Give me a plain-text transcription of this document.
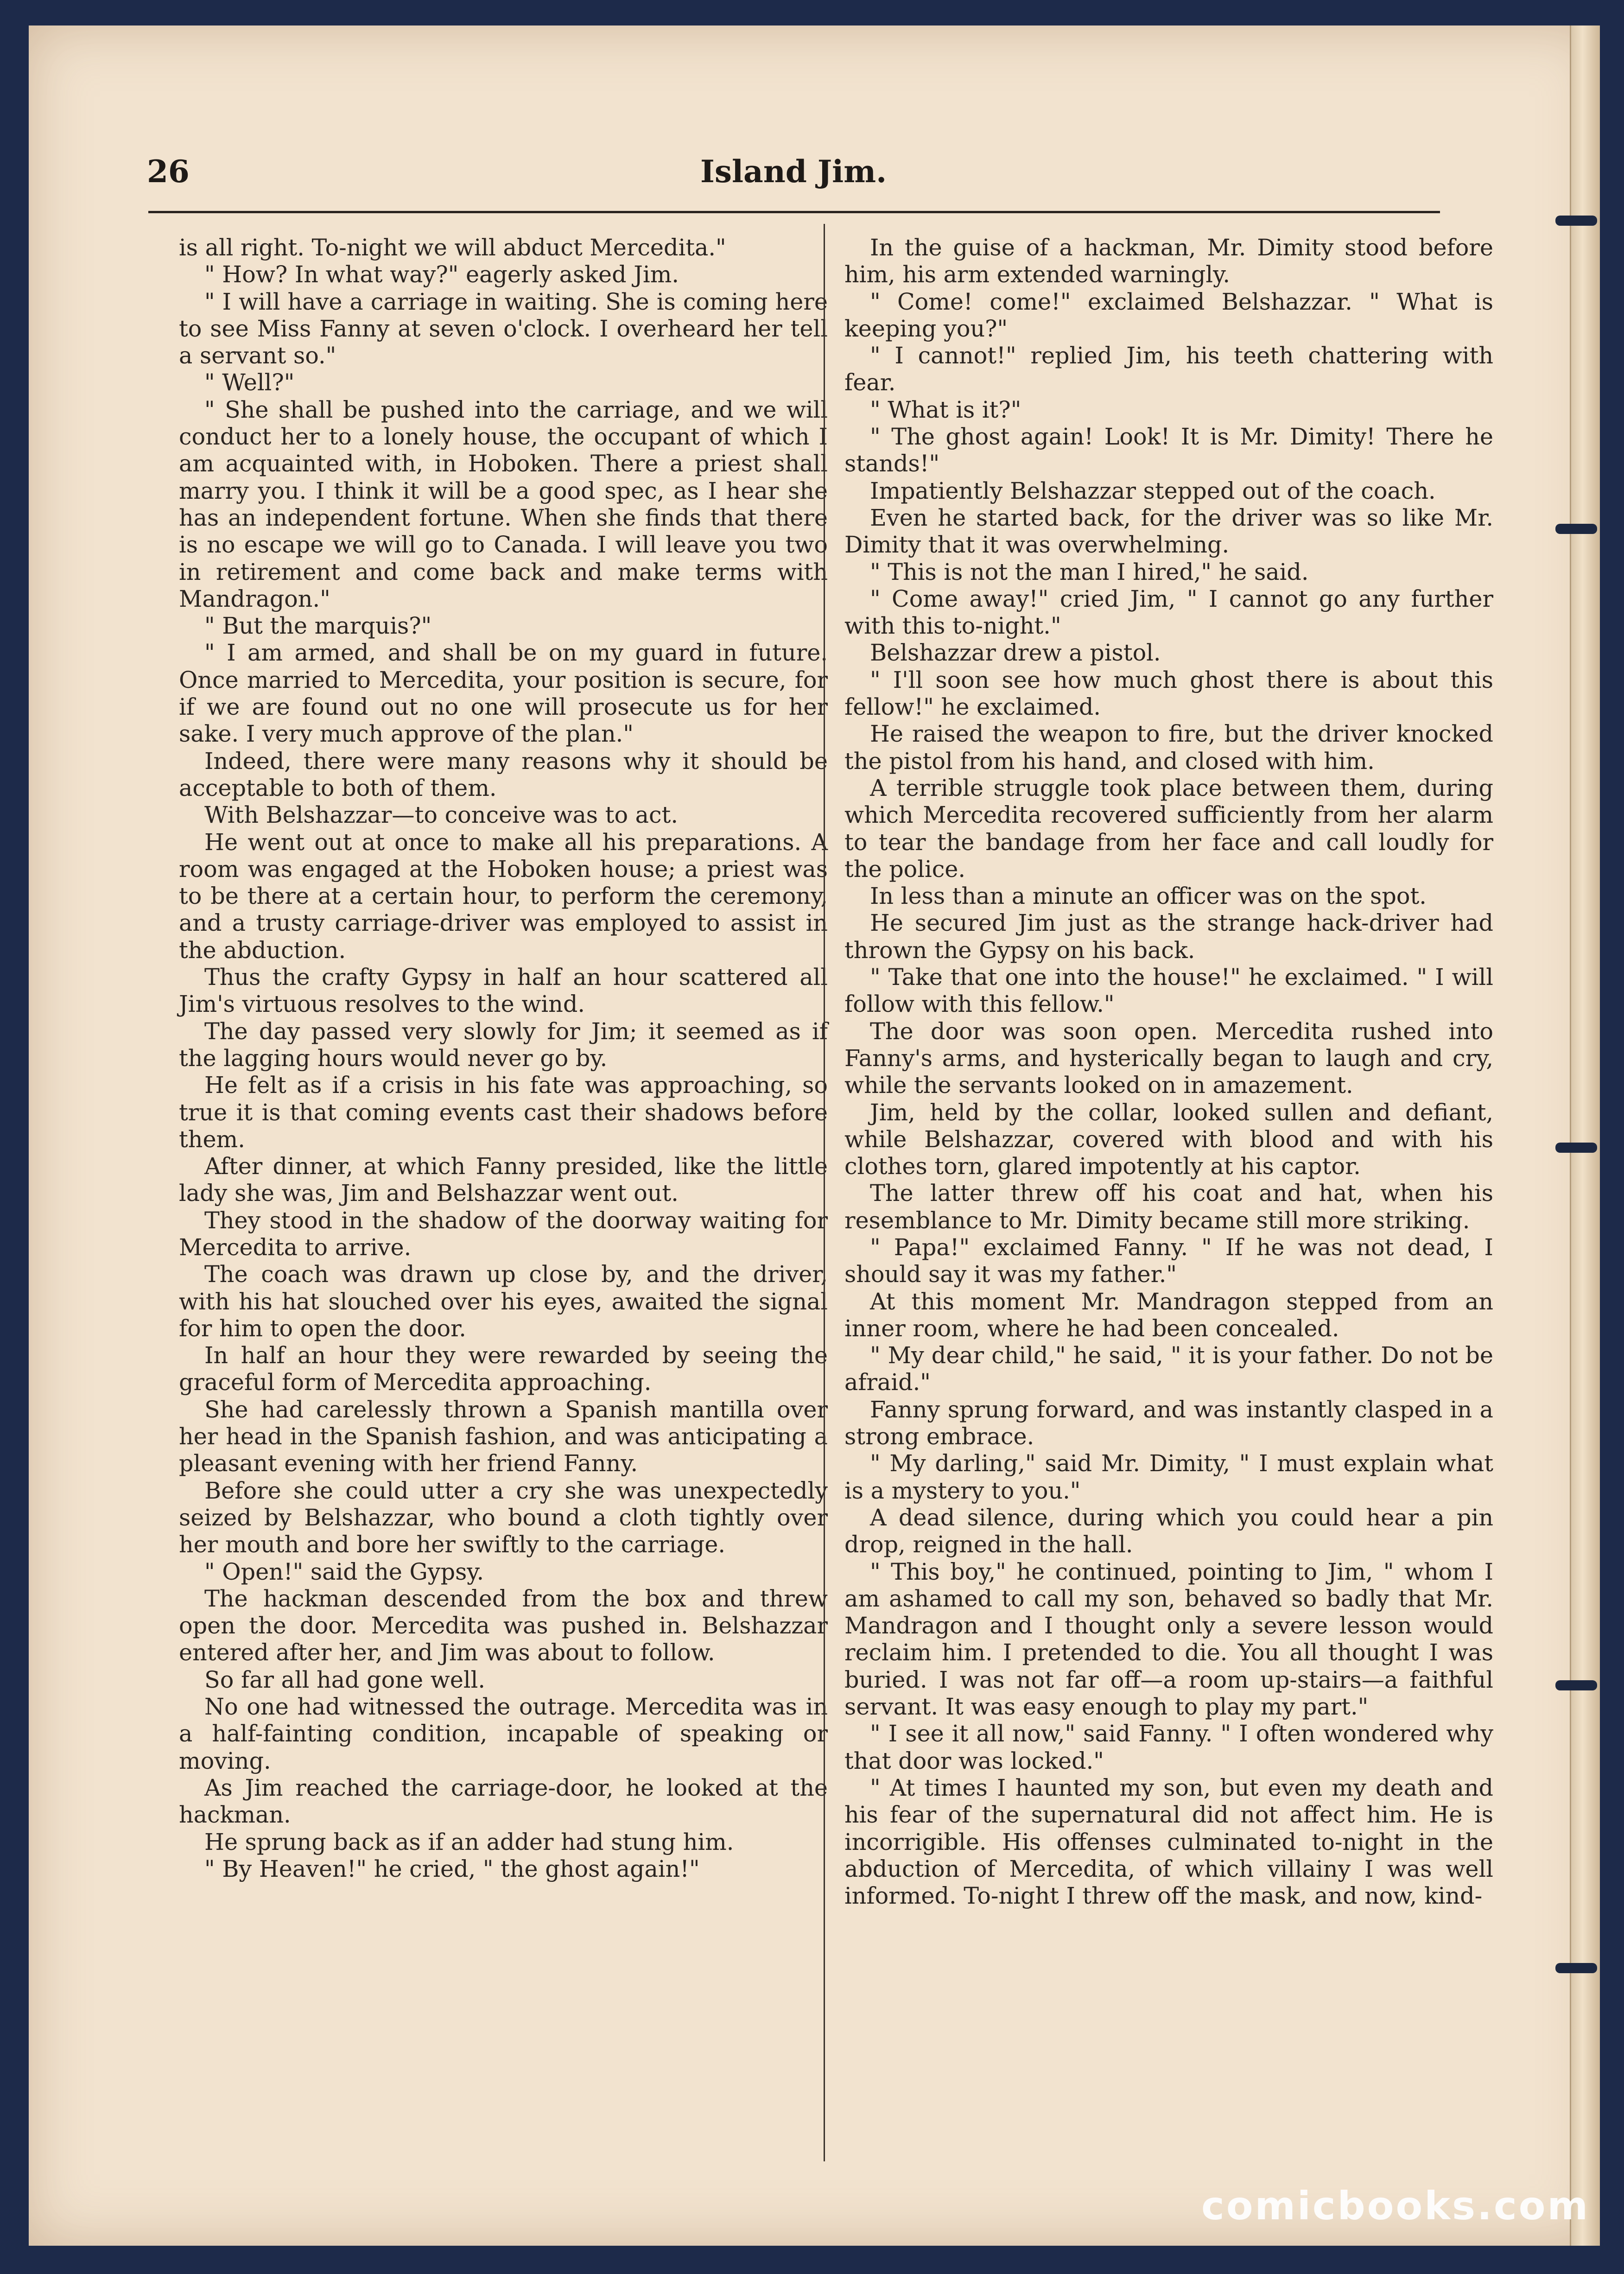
Island Jim.
26

is all right. To-night we will abduct Mercedita."

" How? In what way?" eagerly asked Jim.

" I will have a carriage in waiting. She is coming here to see Miss Fanny at seven o'clock. I overheard her tell a servant so."

" Well?"

" She shall be pushed into the carriage, and we will conduct her to a lonely house, the occupant of which I am acquainted with, in Hoboken. There a priest shall marry you. I think it will be a good spec, as I hear she has an independent fortune. When she finds that there is no escape we will go to Canada. I will leave you two in retirement and come back and make terms with Mandragon."

" But the marquis?"

" I am armed, and shall be on my guard in future. Once married to Mercedita, your position is secure, for if we are found out no one will prosecute us for her sake. I very much approve of the plan."

Indeed, there were many reasons why it should be acceptable to both of them.

With Belshazzar—to conceive was to act.

He went out at once to make all his preparations. A room was engaged at the Hoboken house; a priest was to be there at a certain hour, to perform the ceremony, and a trusty carriage-driver was employed to assist in the abduction.

Thus the crafty Gypsy in half an hour scattered all Jim's virtuous resolves to the wind.

The day passed very slowly for Jim; it seemed as if the lagging hours would never go by.

He felt as if a crisis in his fate was approaching, so true it is that coming events cast their shadows before them.

After dinner, at which Fanny presided, like the little lady she was, Jim and Belshazzar went out.

They stood in the shadow of the doorway waiting for Mercedita to arrive.

The coach was drawn up close by, and the driver, with his hat slouched over his eyes, awaited the signal for him to open the door.

In half an hour they were rewarded by seeing the graceful form of Mercedita approaching.

She had carelessly thrown a Spanish mantilla over her head in the Spanish fashion, and was anticipating a pleasant evening with her friend Fanny.

Before she could utter a cry she was unexpectedly seized by Belshazzar, who bound a cloth tightly over her mouth and bore her swiftly to the carriage.

" Open!" said the Gypsy.

The hackman descended from the box and threw open the door. Mercedita was pushed in. Belshazzar entered after her, and Jim was about to follow.

So far all had gone well.

No one had witnessed the outrage. Mercedita was in a half-fainting condition, incapable of speaking or moving.

As Jim reached the carriage-door, he looked at the hackman.

He sprung back as if an adder had stung him.

" By Heaven!" he cried, " the ghost again!"

In the guise of a hackman, Mr. Dimity stood before him, his arm extended warningly.

" Come! come!" exclaimed Belshazzar. " What is keeping you?"

" I cannot!" replied Jim, his teeth chattering with fear.

" What is it?"

" The ghost again! Look! It is Mr. Dimity! There he stands!"

Impatiently Belshazzar stepped out of the coach.

Even he started back, for the driver was so like Mr. Dimity that it was overwhelming.

" This is not the man I hired," he said.

" Come away!" cried Jim, " I cannot go any further with this to-night."

Belshazzar drew a pistol.

" I'll soon see how much ghost there is about this fellow!" he exclaimed.

He raised the weapon to fire, but the driver knocked the pistol from his hand, and closed with him.

A terrible struggle took place between them, during which Mercedita recovered sufficiently from her alarm to tear the bandage from her face and call loudly for the police.

In less than a minute an officer was on the spot.

He secured Jim just as the strange hack-driver had thrown the Gypsy on his back.

" Take that one into the house!" he exclaimed. " I will follow with this fellow."

The door was soon open. Mercedita rushed into Fanny's arms, and hysterically began to laugh and cry, while the servants looked on in amazement.

Jim, held by the collar, looked sullen and defiant, while Belshazzar, covered with blood and with his clothes torn, glared impotently at his captor.

The latter threw off his coat and hat, when his resemblance to Mr. Dimity became still more striking.

" Papa!" exclaimed Fanny. " If he was not dead, I should say it was my father."

At this moment Mr. Mandragon stepped from an inner room, where he had been concealed.

" My dear child," he said, " it is your father. Do not be afraid."

Fanny sprung forward, and was instantly clasped in a strong embrace.

" My darling," said Mr. Dimity, " I must explain what is a mystery to you."

A dead silence, during which you could hear a pin drop, reigned in the hall.

" This boy," he continued, pointing to Jim, " whom I am ashamed to call my son, behaved so badly that Mr. Mandragon and I thought only a severe lesson would reclaim him. I pretended to die. You all thought I was buried. I was not far off—a room up-stairs—a faithful servant. It was easy enough to play my part."

" I see it all now," said Fanny. " I often wondered why that door was locked."

" At times I haunted my son, but even my death and his fear of the supernatural did not affect him. He is incorrigible. His offenses culminated to-night in the abduction of Mercedita, of which villainy I was well informed. To-night I threw off the mask, and now, kind-

comicbooks.com
